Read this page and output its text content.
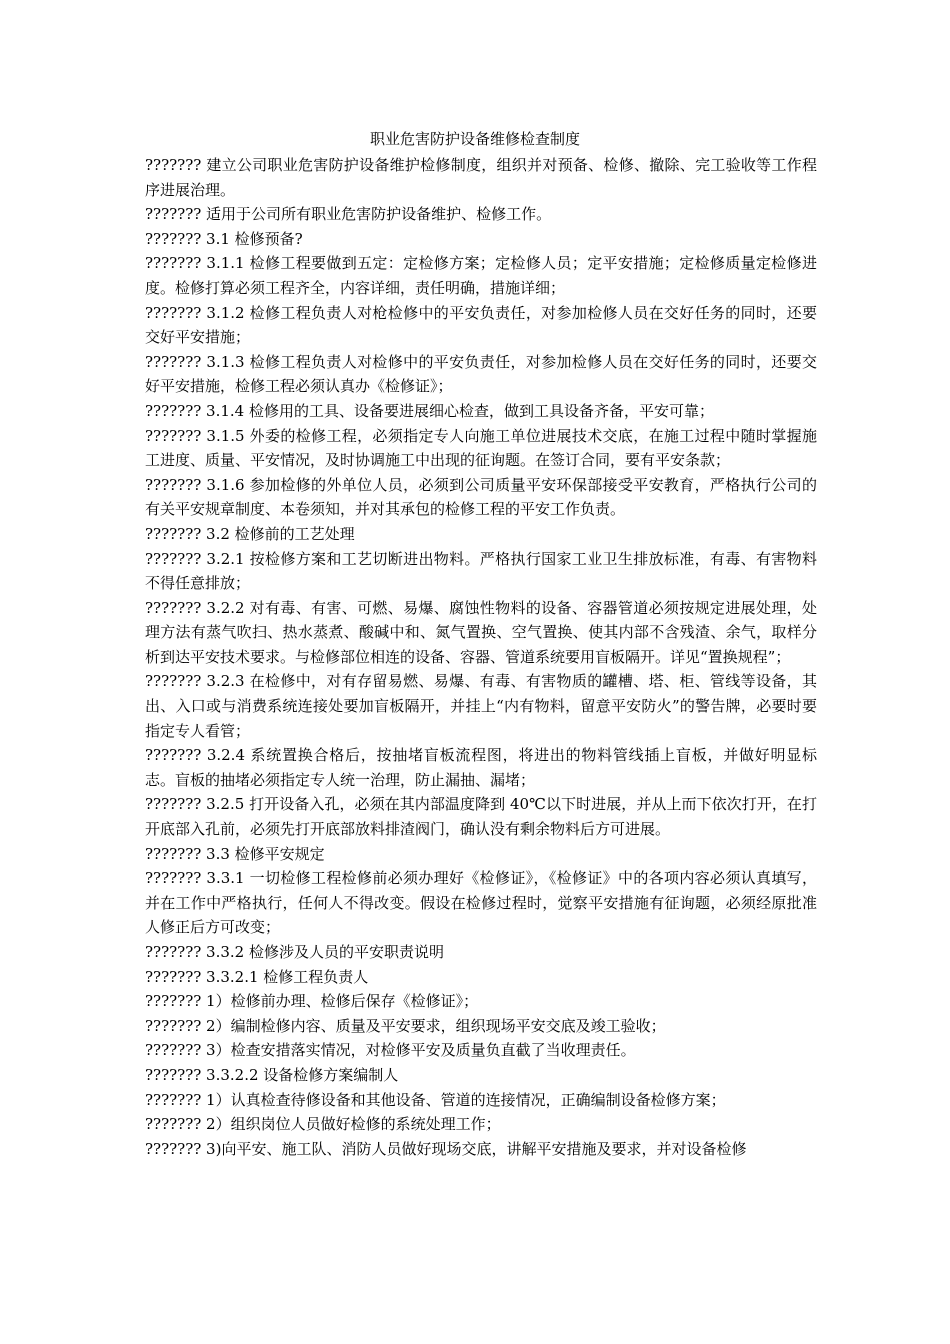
职业危害防护设备维修检查制度

??????? 建立公司职业危害防护设备维护检修制度，组织并对预备、检修、撤除、完工验收等工作程序进展治理。

??????? 适用于公司所有职业危害防护设备维护、检修工作。

??????? 3.1 检修预备?

??????? 3.1.1 检修工程要做到五定：定检修方案；定检修人员；定平安措施；定检修质量定检修进度。检修打算必须工程齐全，内容详细，责任明确，措施详细；

??????? 3.1.2 检修工程负责人对枪检修中的平安负责任，对参加检修人员在交好任务的同时，还要交好平安措施；

??????? 3.1.3 检修工程负责人对检修中的平安负责任，对参加检修人员在交好任务的同时，还要交好平安措施，检修工程必须认真办《检修证》；

??????? 3.1.4 检修用的工具、设备要进展细心检查，做到工具设备齐备，平安可靠；

??????? 3.1.5 外委的检修工程，必须指定专人向施工单位进展技术交底，在施工过程中随时掌握施工进度、质量、平安情况，及时协调施工中出现的征询题。在签订合同，要有平安条款；

??????? 3.1.6 参加检修的外单位人员，必须到公司质量平安环保部接受平安教育，严格执行公司的有关平安规章制度、本卷须知，并对其承包的检修工程的平安工作负责。

??????? 3.2 检修前的工艺处理

??????? 3.2.1 按检修方案和工艺切断进出物料。严格执行国家工业卫生排放标准，有毒、有害物料不得任意排放；

??????? 3.2.2 对有毒、有害、可燃、易爆、腐蚀性物料的设备、容器管道必须按规定进展处理，处理方法有蒸气吹扫、热水蒸煮、酸碱中和、氮气置换、空气置换、使其内部不含残渣、余气，取样分析到达平安技术要求。与检修部位相连的设备、容器、管道系统要用盲板隔开。详见“置换规程”；

??????? 3.2.3 在检修中，对有存留易燃、易爆、有毒、有害物质的罐槽、塔、柜、管线等设备，其出、入口或与消费系统连接处要加盲板隔开，并挂上“内有物料，留意平安防火”的警告牌，必要时要指定专人看管；

??????? 3.2.4 系统置换合格后，按抽堵盲板流程图，将进出的物料管线插上盲板，并做好明显标志。盲板的抽堵必须指定专人统一治理，防止漏抽、漏堵；

??????? 3.2.5 打开设备入孔，必须在其内部温度降到 40℃以下时进展，并从上而下依次打开，在打开底部入孔前，必须先打开底部放料排渣阀门，确认没有剩余物料后方可进展。

??????? 3.3 检修平安规定

??????? 3.3.1 一切检修工程检修前必须办理好《检修证》，《检修证》中的各项内容必须认真填写，并在工作中严格执行，任何人不得改变。假设在检修过程时，觉察平安措施有征询题，必须经原批准人修正后方可改变；

??????? 3.3.2 检修涉及人员的平安职责说明

??????? 3.3.2.1 检修工程负责人

??????? 1）检修前办理、检修后保存《检修证》；

??????? 2）编制检修内容、质量及平安要求，组织现场平安交底及竣工验收；

??????? 3）检查安措落实情况，对检修平安及质量负直截了当收理责任。

??????? 3.3.2.2 设备检修方案编制人

??????? 1）认真检查待修设备和其他设备、管道的连接情况，正确编制设备检修方案；

??????? 2）组织岗位人员做好检修的系统处理工作；

??????? 3)向平安、施工队、消防人员做好现场交底，讲解平安措施及要求，并对设备检修
